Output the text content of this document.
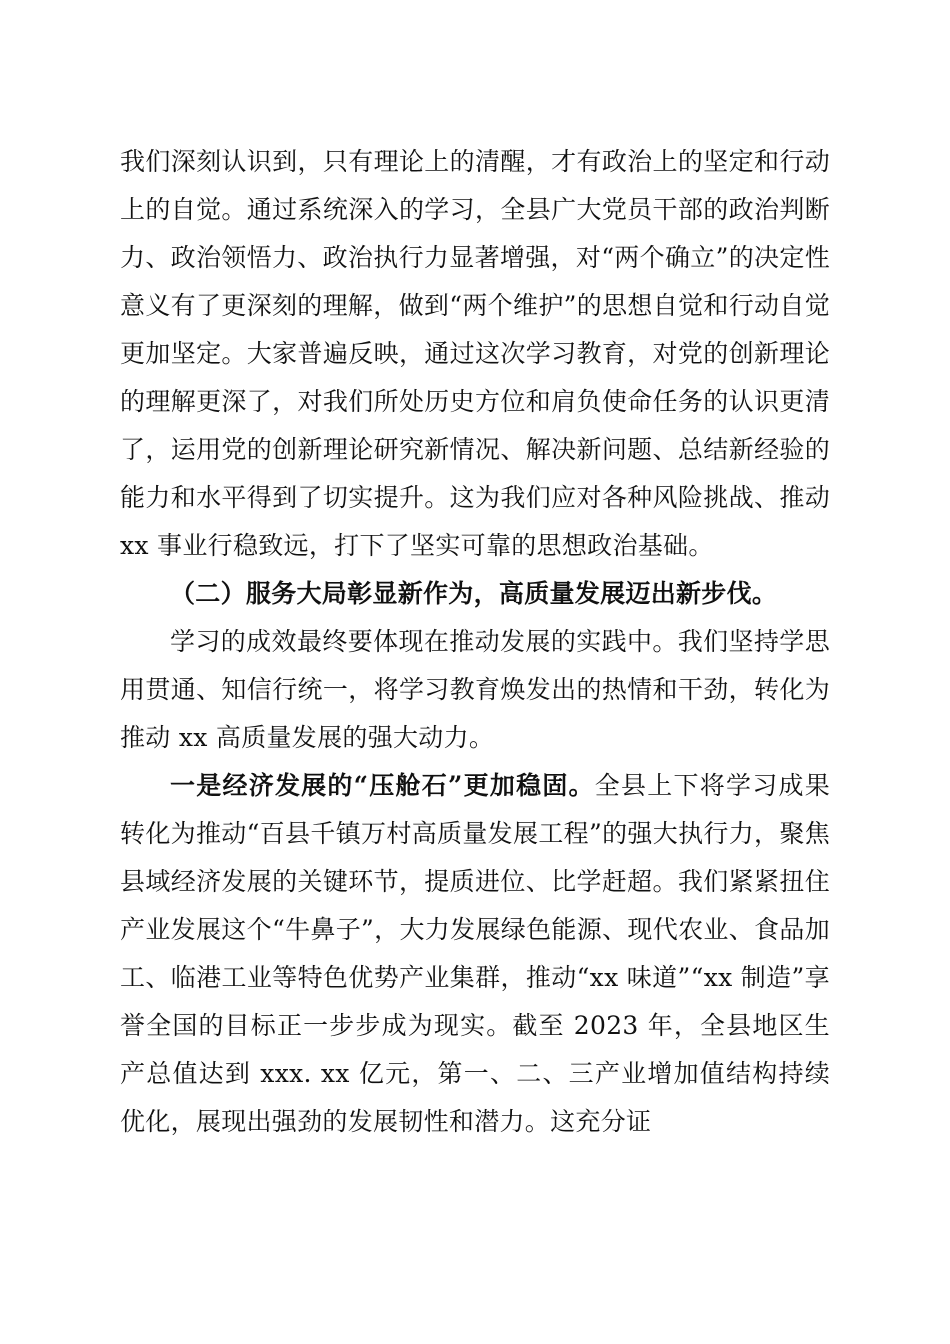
我们深刻认识到，只有理论上的清醒，才有政治上的坚定和行动上的自觉。通过系统深入的学习，全县广大党员干部的政治判断力、政治领悟力、政治执行力显著增强，对“两个确立”的决定性意义有了更深刻的理解，做到“两个维护”的思想自觉和行动自觉更加坚定。大家普遍反映，通过这次学习教育，对党的创新理论的理解更深了，对我们所处历史方位和肩负使命任务的认识更清了，运用党的创新理论研究新情况、解决新问题、总结新经验的能力和水平得到了切实提升。这为我们应对各种风险挑战、推动 xx 事业行稳致远，打下了坚实可靠的思想政治基础。

（二）服务大局彰显新作为，高质量发展迈出新步伐。

学习的成效最终要体现在推动发展的实践中。我们坚持学思用贯通、知信行统一，将学习教育焕发出的热情和干劲，转化为推动 xx 高质量发展的强大动力。

一是经济发展的“压舱石”更加稳固。全县上下将学习成果转化为推动“百县千镇万村高质量发展工程”的强大执行力，聚焦县域经济发展的关键环节，提质进位、比学赶超。我们紧紧扭住产业发展这个“牛鼻子”，大力发展绿色能源、现代农业、食品加工、临港工业等特色优势产业集群，推动“xx 味道”“xx 制造”享誉全国的目标正一步步成为现实。截至 2023 年，全县地区生产总值达到 xxx. xx 亿元，第一、二、三产业增加值结构持续优化，展现出强劲的发展韧性和潜力。这充分证
